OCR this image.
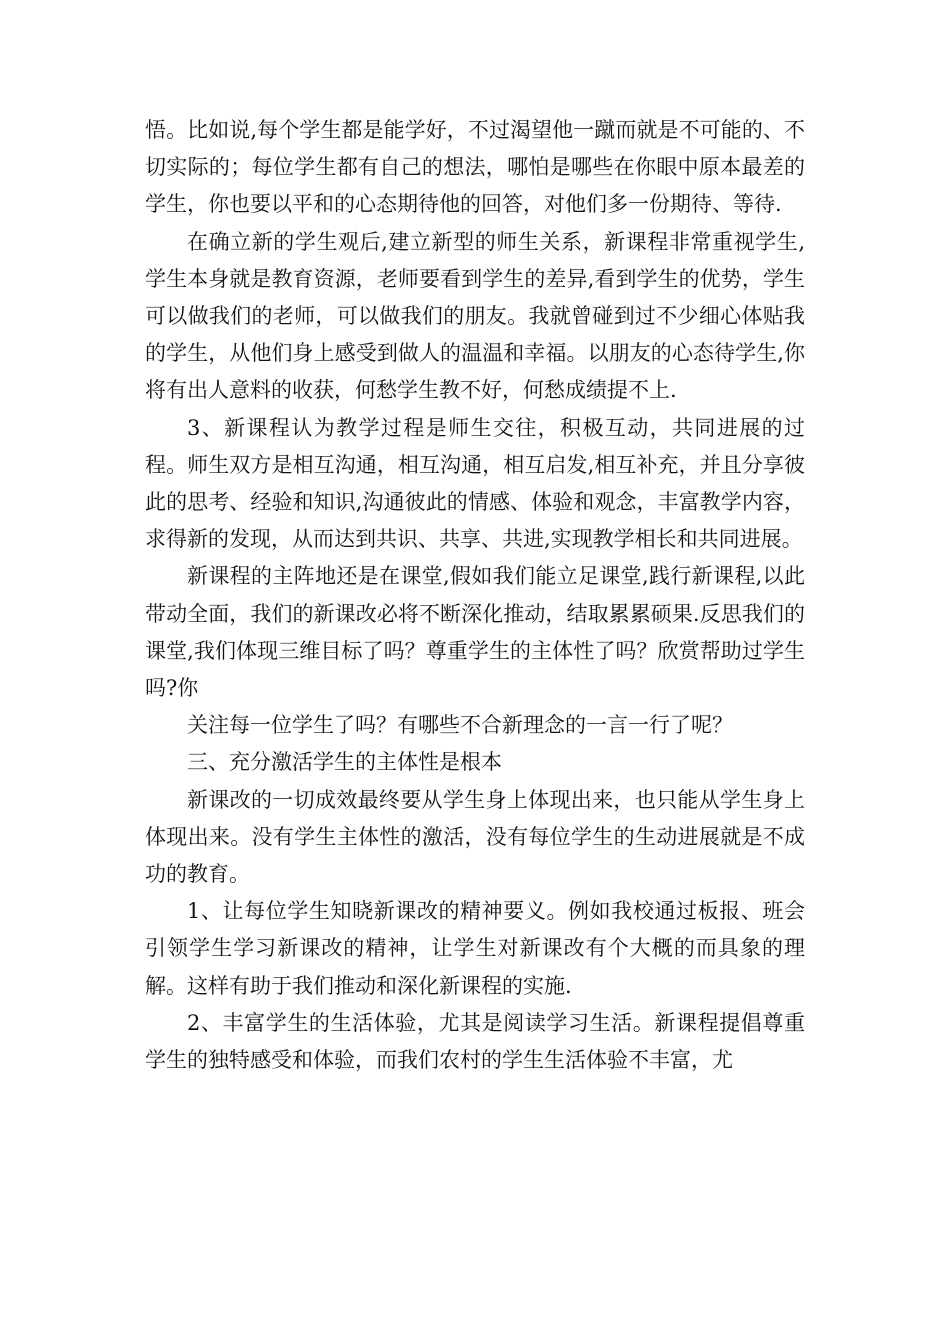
悟。比如说,每个学生都是能学好，不过渴望他一蹴而就是不可能的、不切实际的；每位学生都有自己的想法，哪怕是哪些在你眼中原本最差的学生，你也要以平和的心态期待他的回答，对他们多一份期待、等待.

在确立新的学生观后,建立新型的师生关系，新课程非常重视学生,学生本身就是教育资源，老师要看到学生的差异,看到学生的优势，学生可以做我们的老师，可以做我们的朋友。我就曾碰到过不少细心体贴我的学生，从他们身上感受到做人的温温和幸福。以朋友的心态待学生,你将有出人意料的收获，何愁学生教不好，何愁成绩提不上.

3、新课程认为教学过程是师生交往，积极互动，共同进展的过程。师生双方是相互沟通，相互沟通，相互启发,相互补充，并且分享彼此的思考、经验和知识,沟通彼此的情感、体验和观念，丰富教学内容，求得新的发现，从而达到共识、共享、共进,实现教学相长和共同进展。

新课程的主阵地还是在课堂,假如我们能立足课堂,践行新课程,以此带动全面，我们的新课改必将不断深化推动，结取累累硕果.反思我们的课堂,我们体现三维目标了吗？尊重学生的主体性了吗？欣赏帮助过学生吗?你

关注每一位学生了吗？有哪些不合新理念的一言一行了呢？

三、充分激活学生的主体性是根本

新课改的一切成效最终要从学生身上体现出来，也只能从学生身上体现出来。没有学生主体性的激活，没有每位学生的生动进展就是不成功的教育。

1、让每位学生知晓新课改的精神要义。例如我校通过板报、班会引领学生学习新课改的精神，让学生对新课改有个大概的而具象的理解。这样有助于我们推动和深化新课程的实施.

2、丰富学生的生活体验，尤其是阅读学习生活。新课程提倡尊重学生的独特感受和体验，而我们农村的学生生活体验不丰富，尤
